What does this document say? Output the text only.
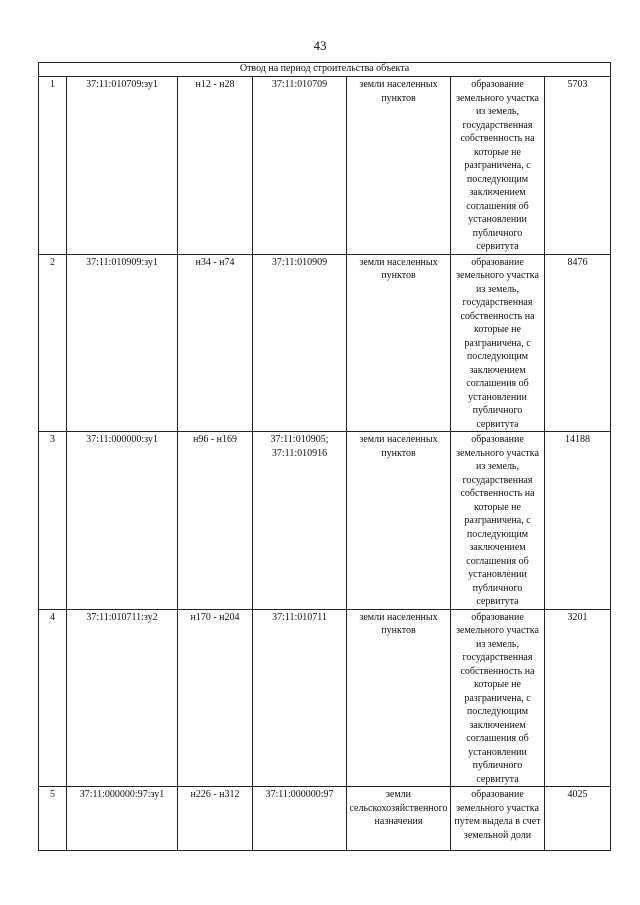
43
Отвод на период строительства объекта						
1	37:11:010709:зу1	н12 - н28	37:11:010709	земли населенных пунктов	образование земельного участка из земель, государственная собственность на которые не разграничена, с последующим заключением соглашения об установлении публичного сервитута	5703
2	37:11:010909:зу1	н34 - н74	37:11:010909	земли населенных пунктов	образование земельного участка из земель, государственная собственность на которые не разграничена, с последующим заключением соглашения об установлении публичного сервитута	8476
3	37:11:000000:зу1	н96 - н169	37:11:010905; 37:11:010916	земли населенных пунктов	образование земельного участка из земель, государственная собственность на которые не разграничена, с последующим заключением соглашения об установлении публичного сервитута	14188
4	37:11:010711:зу2	н170 - н204	37:11:010711	земли населенных пунктов	образование земельного участка из земель, государственная собственность на которые не разграничена, с последующим заключением соглашения об установлении публичного сервитута	3201
5	37:11:000000:97:зу1	н226 - н312	37:11:000000:97	земли сельскохозяйственного назначения	образование земельного участка путем выдела в счет земельной доли	4025
